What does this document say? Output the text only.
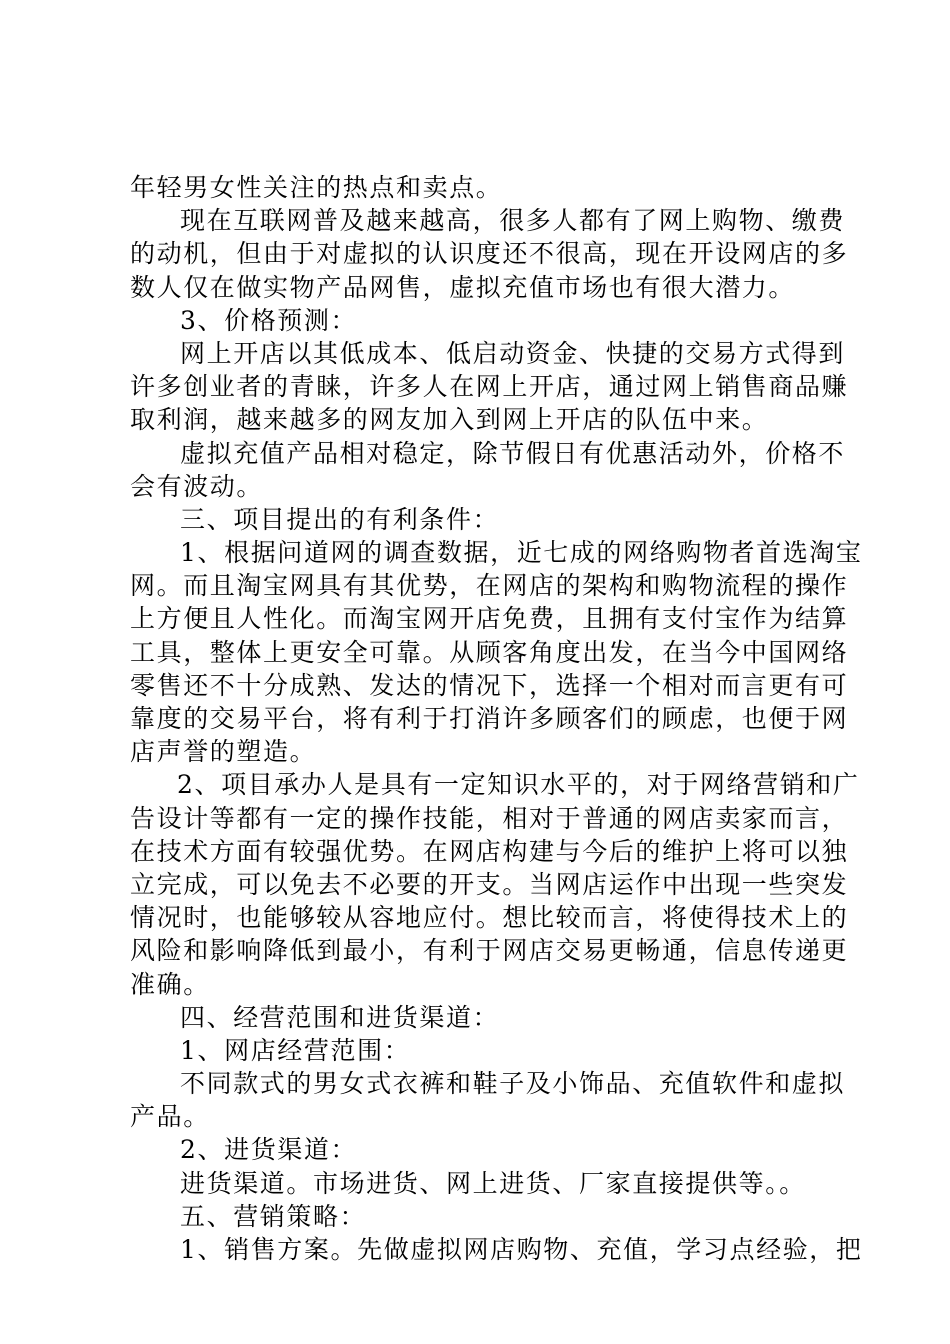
年轻男女性关注的热点和卖点。
现在互联网普及越来越高，很多人都有了网上购物、缴费
的动机，但由于对虚拟的认识度还不很高，现在开设网店的多
数人仅在做实物产品网售，虚拟充值市场也有很大潜力。
3、价格预测：
网上开店以其低成本、低启动资金、快捷的交易方式得到
许多创业者的青睐，许多人在网上开店，通过网上销售商品赚
取利润，越来越多的网友加入到网上开店的队伍中来。
虚拟充值产品相对稳定，除节假日有优惠活动外，价格不
会有波动。
三、项目提出的有利条件：
1、根据问道网的调查数据，近七成的网络购物者首选淘宝
网。而且淘宝网具有其优势，在网店的架构和购物流程的操作
上方便且人性化。而淘宝网开店免费，且拥有支付宝作为结算
工具，整体上更安全可靠。从顾客角度出发，在当今中国网络
零售还不十分成熟、发达的情况下，选择一个相对而言更有可
靠度的交易平台，将有利于打消许多顾客们的顾虑，也便于网
店声誉的塑造。
2、项目承办人是具有一定知识水平的，对于网络营销和广
告设计等都有一定的操作技能，相对于普通的网店卖家而言，
在技术方面有较强优势。在网店构建与今后的维护上将可以独
立完成，可以免去不必要的开支。当网店运作中出现一些突发
情况时，也能够较从容地应付。想比较而言，将使得技术上的
风险和影响降低到最小，有利于网店交易更畅通，信息传递更
准确。
四、经营范围和进货渠道：
1、网店经营范围：
不同款式的男女式衣裤和鞋子及小饰品、充值软件和虚拟
产品。
2、进货渠道：
进货渠道。市场进货、网上进货、厂家直接提供等。。
五、营销策略：
1、销售方案。先做虚拟网店购物、充值，学习点经验，把
